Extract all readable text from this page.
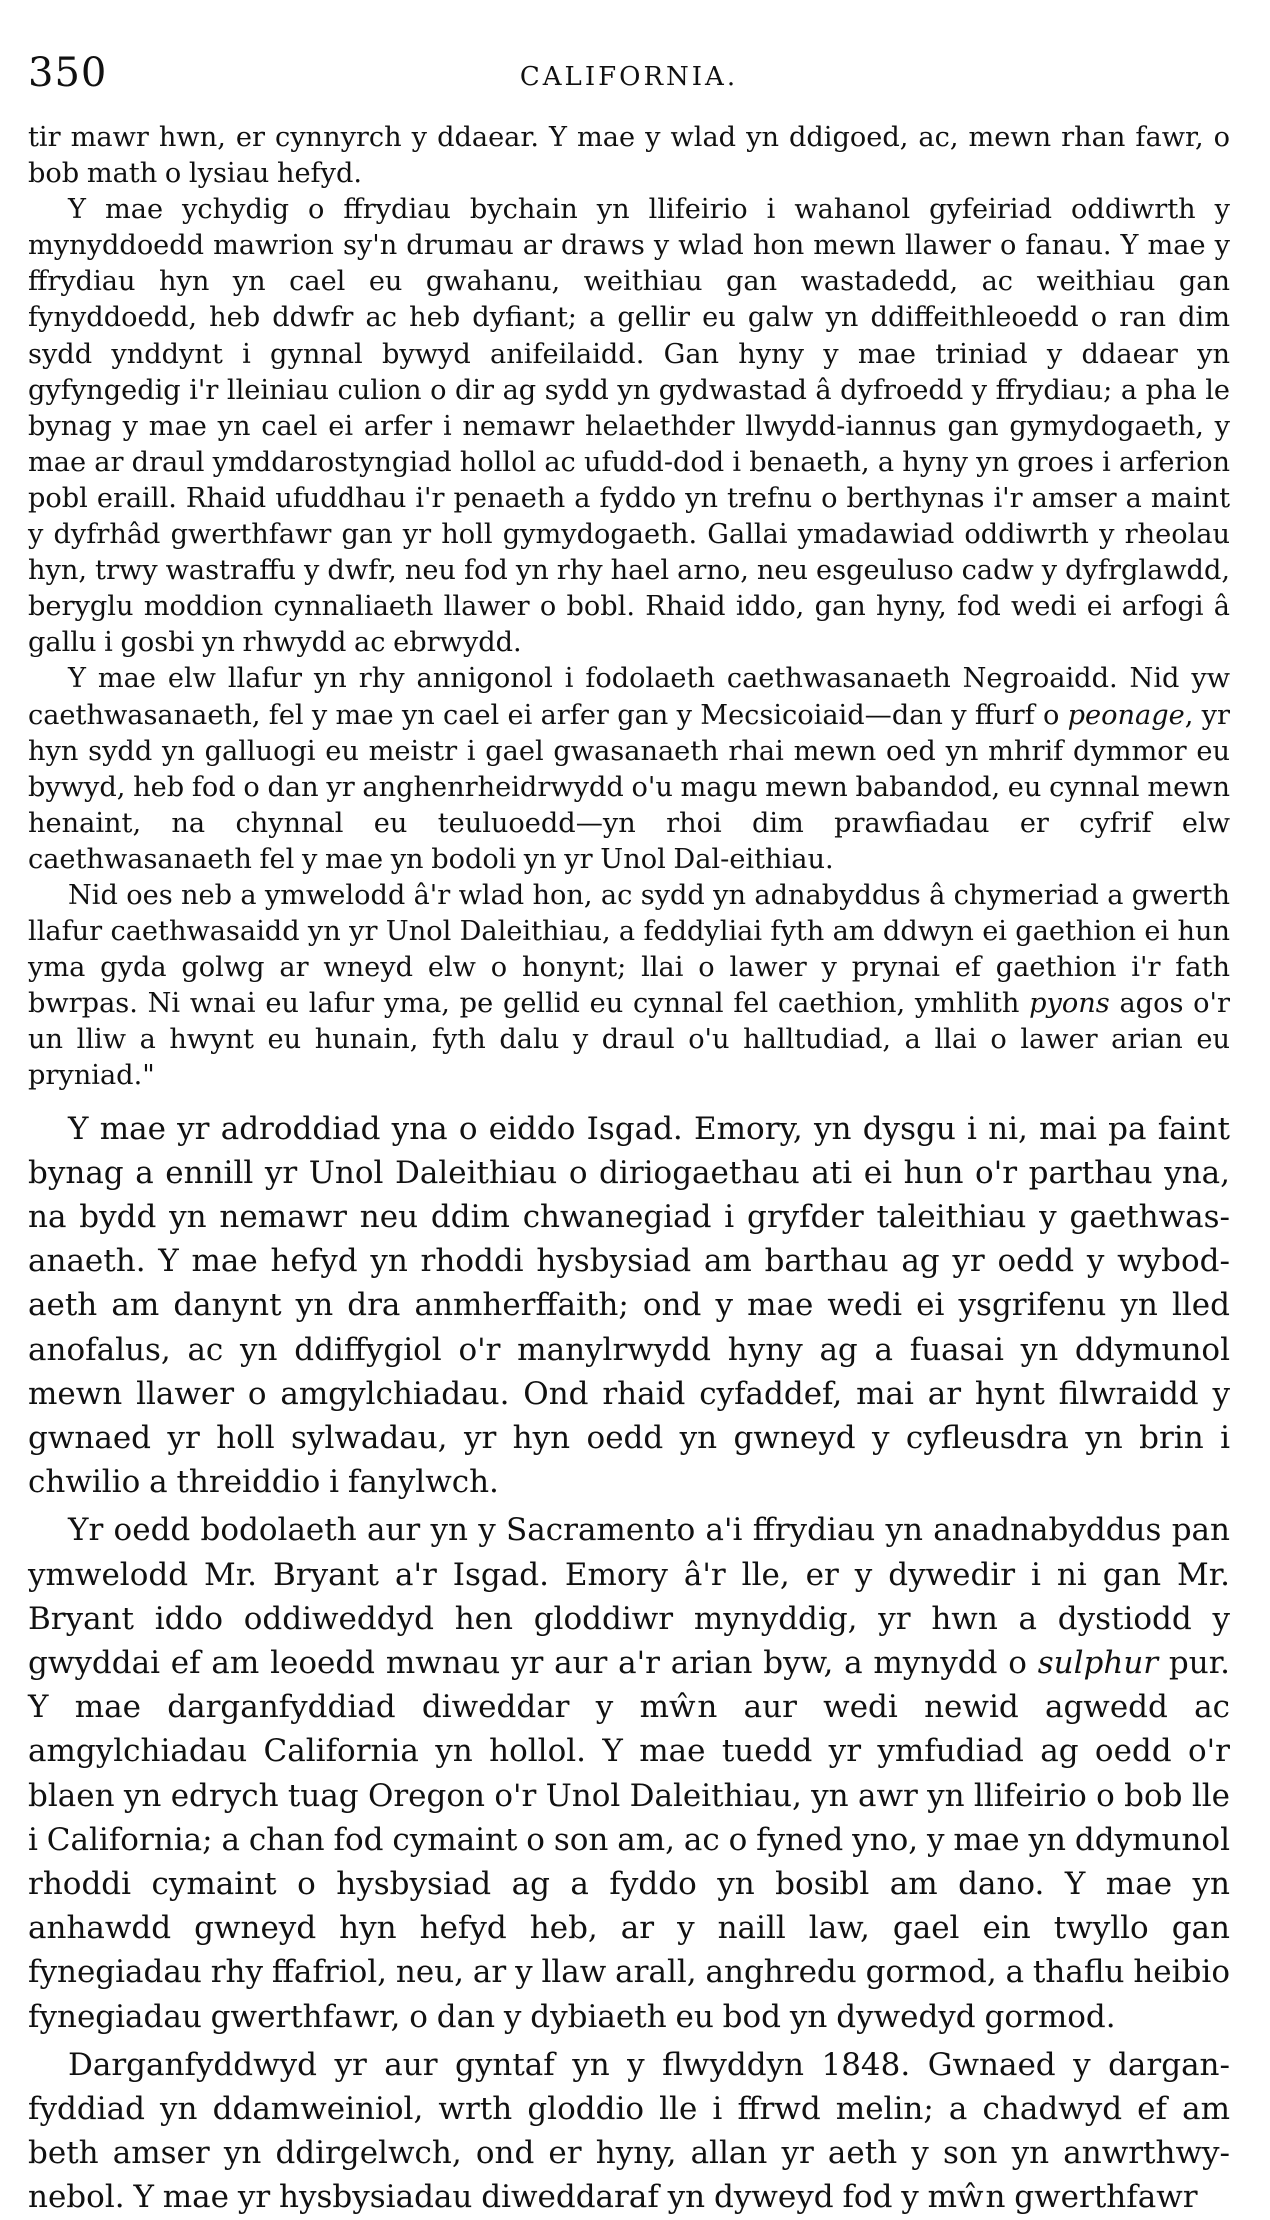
350	CALIFORNIA.

tir mawr hwn, er cynnyrch y ddaear. Y mae y wlad yn ddigoed, ac, mewn rhan fawr, o bob math o lysiau hefyd.

Y mae ychydig o ffrydiau bychain yn llifeirio i wahanol gyfeiriad oddiwrth y mynyddoedd mawrion sy'n drumau ar draws y wlad hon mewn llawer o fanau. Y mae y ffrydiau hyn yn cael eu gwahanu, weithiau gan wastadedd, ac weithiau gan fynyddoedd, heb ddwfr ac heb dyfiant; a gellir eu galw yn ddiffeithleoedd o ran dim sydd ynddynt i gynnal bywyd anifeilaidd. Gan hyny y mae triniad y ddaear yn gyfyngedig i'r lleiniau culion o dir ag sydd yn gydwastad â dyfroedd y ffrydiau; a pha le bynag y mae yn cael ei arfer i nemawr helaethder llwydd-iannus gan gymydogaeth, y mae ar draul ymddarostyngiad hollol ac ufudd-dod i benaeth, a hyny yn groes i arferion pobl eraill. Rhaid ufuddhau i'r penaeth a fyddo yn trefnu o berthynas i'r amser a maint y dyfrhâd gwerthfawr gan yr holl gymydogaeth. Gallai ymadawiad oddiwrth y rheolau hyn, trwy wastraffu y dwfr, neu fod yn rhy hael arno, neu esgeuluso cadw y dyfrglawdd, beryglu moddion cynnaliaeth llawer o bobl. Rhaid iddo, gan hyny, fod wedi ei arfogi â gallu i gosbi yn rhwydd ac ebrwydd.

Y mae elw llafur yn rhy annigonol i fodolaeth caethwasanaeth Negroaidd. Nid yw caethwasanaeth, fel y mae yn cael ei arfer gan y Mecsicoiaid—dan y ffurf o peonage, yr hyn sydd yn galluogi eu meistr i gael gwasanaeth rhai mewn oed yn mhrif dymmor eu bywyd, heb fod o dan yr anghenrheidrwydd o'u magu mewn babandod, eu cynnal mewn henaint, na chynnal eu teuluoedd—yn rhoi dim prawfiadau er cyfrif elw caethwasanaeth fel y mae yn bodoli yn yr Unol Dal-eithiau.

Nid oes neb a ymwelodd â'r wlad hon, ac sydd yn adnabyddus â chymeriad a gwerth llafur caethwasaidd yn yr Unol Daleithiau, a feddyliai fyth am ddwyn ei gaethion ei hun yma gyda golwg ar wneyd elw o honynt; llai o lawer y prynai ef gaethion i'r fath bwrpas. Ni wnai eu lafur yma, pe gellid eu cynnal fel caethion, ymhlith pyons agos o'r un lliw a hwynt eu hunain, fyth dalu y draul o'u halltudiad, a llai o lawer arian eu pryniad."

Y mae yr adroddiad yna o eiddo Isgad. Emory, yn dysgu i ni, mai pa faint bynag a ennill yr Unol Daleithiau o diriogaethau ati ei hun o'r parthau yna, na bydd yn nemawr neu ddim chwanegiad i gryfder taleithiau y gaethwas-anaeth. Y mae hefyd yn rhoddi hysbysiad am barthau ag yr oedd y wybod-aeth am danynt yn dra anmherffaith; ond y mae wedi ei ysgrifenu yn lled anofalus, ac yn ddiffygiol o'r manylrwydd hyny ag a fuasai yn ddymunol mewn llawer o amgylchiadau. Ond rhaid cyfaddef, mai ar hynt filwraidd y gwnaed yr holl sylwadau, yr hyn oedd yn gwneyd y cyfleusdra yn brin i chwilio a threiddio i fanylwch.

Yr oedd bodolaeth aur yn y Sacramento a'i ffrydiau yn anadnabyddus pan ymwelodd Mr. Bryant a'r Isgad. Emory â'r lle, er y dywedir i ni gan Mr. Bryant iddo oddiweddyd hen gloddiwr mynyddig, yr hwn a dystiodd y gwyddai ef am leoedd mwnau yr aur a'r arian byw, a mynydd o sulphur pur. Y mae darganfyddiad diweddar y mŵn aur wedi newid agwedd ac amgylchiadau California yn hollol. Y mae tuedd yr ymfudiad ag oedd o'r blaen yn edrych tuag Oregon o'r Unol Daleithiau, yn awr yn llifeirio o bob lle i California; a chan fod cymaint o son am, ac o fyned yno, y mae yn ddymunol rhoddi cymaint o hysbysiad ag a fyddo yn bosibl am dano. Y mae yn anhawdd gwneyd hyn hefyd heb, ar y naill law, gael ein twyllo gan fynegiadau rhy ffafriol, neu, ar y llaw arall, anghredu gormod, a thaflu heibio fynegiadau gwerthfawr, o dan y dybiaeth eu bod yn dywedyd gormod.

Darganfyddwyd yr aur gyntaf yn y flwyddyn 1848. Gwnaed y dargan-fyddiad yn ddamweiniol, wrth gloddio lle i ffrwd melin; a chadwyd ef am beth amser yn ddirgelwch, ond er hyny, allan yr aeth y son yn anwrthwy-nebol. Y mae yr hysbysiadau diweddaraf yn dyweyd fod y mŵn gwerthfawr
